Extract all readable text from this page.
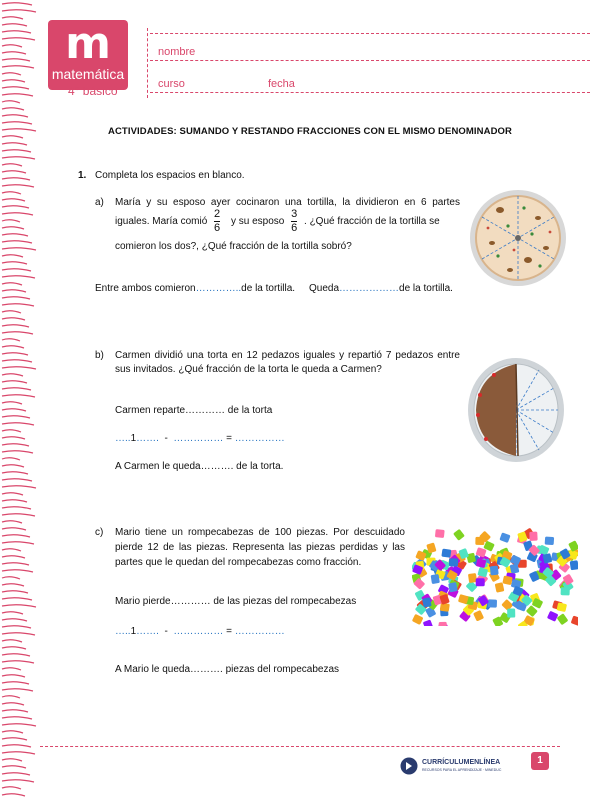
m
matemática
4° básico
nombre
curso	fecha
ACTIVIDADES: SUMANDO Y RESTANDO FRACCIONES CON EL MISMO DENOMINADOR
1. Completa los espacios en blanco.
a) María y su esposo ayer cocinaron una tortilla, la dividieron en 6 partes
iguales. María comió $\frac{2}{6}$ y su esposo $\frac{3}{6}$ . ¿Qué fracción de la tortilla se
comieron los dos?, ¿Qué fracción de la tortilla sobró?
Entre ambos comieron…………..de la tortilla. Queda………………de la tortilla.
b) Carmen dividió una torta en 12 pedazos iguales y repartió 7 pedazos entre
sus invitados. ¿Qué fracción de la torta le queda a Carmen?
Carmen reparte………… de la torta
…..1……. - …………… = ……………
A Carmen le queda………. de la torta.
c) Mario tiene un rompecabezas de 100 piezas. Por descuidado
pierde 12 de las piezas. Representa las piezas perdidas y las
partes que le quedan del rompecabezas como fracción.
Mario pierde………… de las piezas del rompecabezas
…..1……. - …………… = ……………
A Mario le queda………. piezas del rompecabezas
CURRÍCULUMENLÍNEA
RECURSOS PARA EL APRENDIZAJE · MINEDUC
1
